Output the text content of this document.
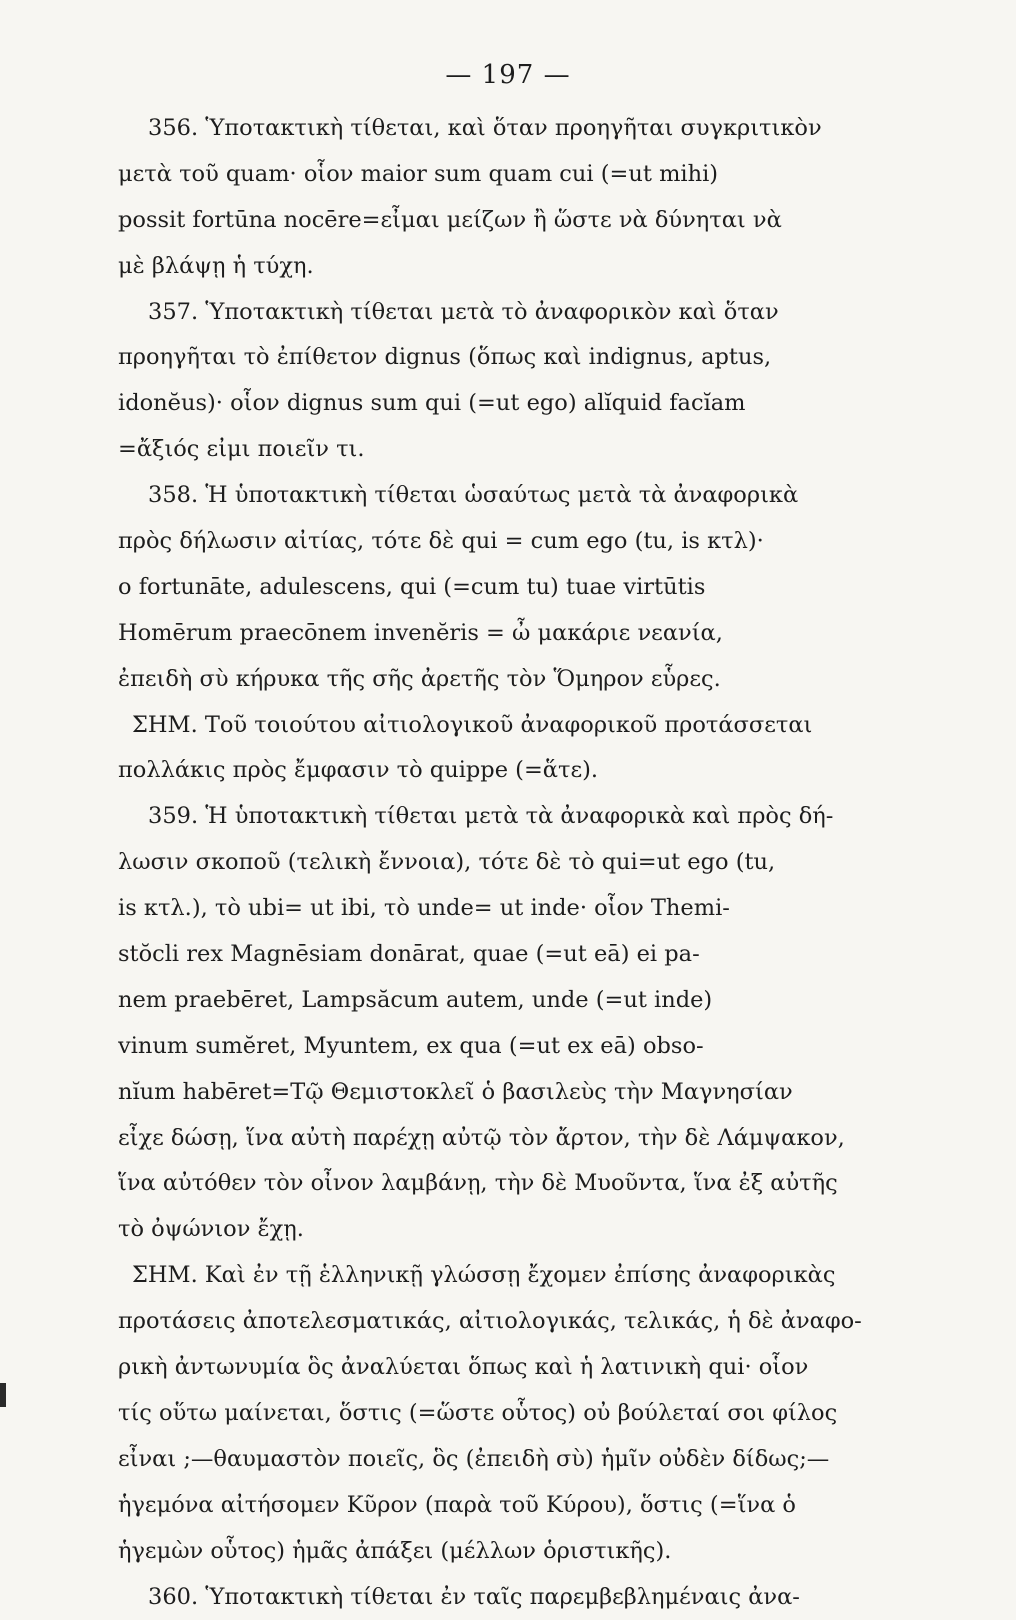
— 197 —
356. Ὑποτακτικὴ τίθεται, καὶ ὅταν προηγῆται συγκριτικὸν
μετὰ τοῦ quam· οἷον maior sum quam cui (=ut mihi)
possit fortūna nocēre=εἶμαι μείζων ἢ ὥστε νὰ δύνηται νὰ
μὲ βλάψῃ ἡ τύχη.
357. Ὑποτακτικὴ τίθεται μετὰ τὸ ἀναφορικὸν καὶ ὅταν
προηγῆται τὸ ἐπίθετον dignus (ὅπως καὶ indignus, aptus,
idonĕus)· οἷον dignus sum qui (=ut ego) alĭquid facĭam
=ἄξιός εἰμι ποιεῖν τι.
358. Ἡ ὑποτακτικὴ τίθεται ὡσαύτως μετὰ τὰ ἀναφορικὰ
πρὸς δήλωσιν αἰτίας, τότε δὲ qui = cum ego (tu, is κτλ)·
o fortunāte, adulescens, qui (=cum tu) tuae virtūtis
Homērum praecōnem invenĕris = ὦ μακάριε νεανία,
ἐπειδὴ σὺ κήρυκα τῆς σῆς ἀρετῆς τὸν Ὅμηρον εὗρες.
ΣΗΜ. Τοῦ τοιούτου αἰτιολογικοῦ ἀναφορικοῦ προτάσσεται
πολλάκις πρὸς ἔμφασιν τὸ quippe (=ἅτε).
359. Ἡ ὑποτακτικὴ τίθεται μετὰ τὰ ἀναφορικὰ καὶ πρὸς δή-
λωσιν σκοποῦ (τελικὴ ἔννοια), τότε δὲ τὸ qui=ut ego (tu,
is κτλ.), τὸ ubi= ut ibi, τὸ unde= ut inde· οἷον Themi-
stŏcli rex Magnēsiam donārat, quae (=ut eā) ei pa-
nem praebēret, Lampsăcum autem, unde (=ut inde)
vinum sumĕret, Myuntem, ex qua (=ut ex eā) obso-
nĭum habēret=Τῷ Θεμιστοκλεῖ ὁ βασιλεὺς τὴν Μαγνησίαν
εἶχε δώσῃ, ἵνα αὐτὴ παρέχῃ αὐτῷ τὸν ἄρτον, τὴν δὲ Λάμψακον,
ἵνα αὐτόθεν τὸν οἶνον λαμβάνῃ, τὴν δὲ Μυοῦντα, ἵνα ἐξ αὐτῆς
τὸ ὀψώνιον ἔχῃ.
ΣΗΜ. Καὶ ἐν τῇ ἑλληνικῇ γλώσσῃ ἔχομεν ἐπίσης ἀναφορικὰς
προτάσεις ἀποτελεσματικάς, αἰτιολογικάς, τελικάς, ἡ δὲ ἀναφο-
ρικὴ ἀντωνυμία ὃς ἀναλύεται ὅπως καὶ ἡ λατινικὴ qui· οἷον
τίς οὕτω μαίνεται, ὅστις (=ὥστε οὗτος) οὐ βούλεταί σοι φίλος
εἶναι ;—θαυμαστὸν ποιεῖς, ὃς (ἐπειδὴ σὺ) ἡμῖν οὐδὲν δίδως;—
ἡγεμόνα αἰτήσομεν Κῦρον (παρὰ τοῦ Κύρου), ὅστις (=ἵνα ὁ
ἡγεμὼν οὗτος) ἡμᾶς ἀπάξει (μέλλων ὁριστικῆς).
360. Ὑποτακτικὴ τίθεται ἐν ταῖς παρεμβεβλημέναις ἀνα-
